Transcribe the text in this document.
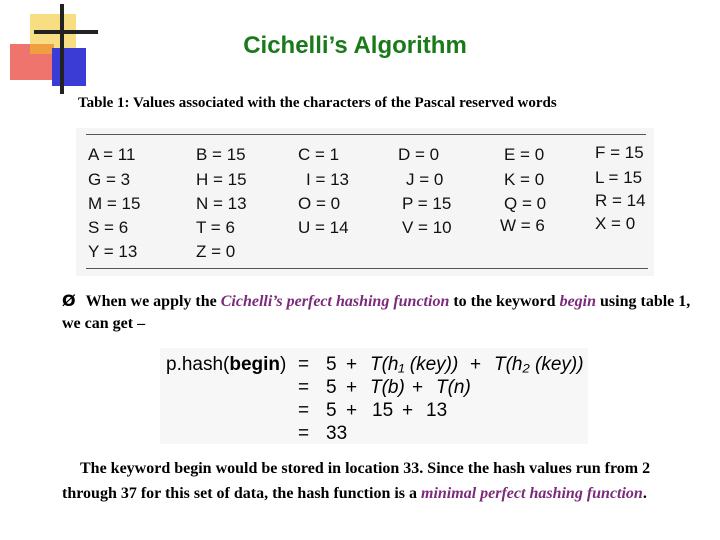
Cichelli’s Algorithm
Table 1: Values associated with the characters of the Pascal reserved words
A = 11	B = 15	C = 1	D = 0	E = 0	F = 15
G = 3	H = 15	I = 13	J = 0	K = 0	L = 15
M = 15	N = 13	O = 0	P = 15	Q = 0	R = 14
S = 6	T = 6	U = 14	V = 10	W = 6	X = 0
Y = 13	Z = 0
Ø When we apply the Cichelli’s perfect hashing function to the keyword begin using table 1, we can get –
p.hash(begin) = 5 + T(h₁ (key)) + T(h₂ (key))
= 5 + T(b) + T(n)
= 5 + 15 + 13
= 33
The keyword begin would be stored in location 33. Since the hash values run from 2 through 37 for this set of data, the hash function is a minimal perfect hashing function.
